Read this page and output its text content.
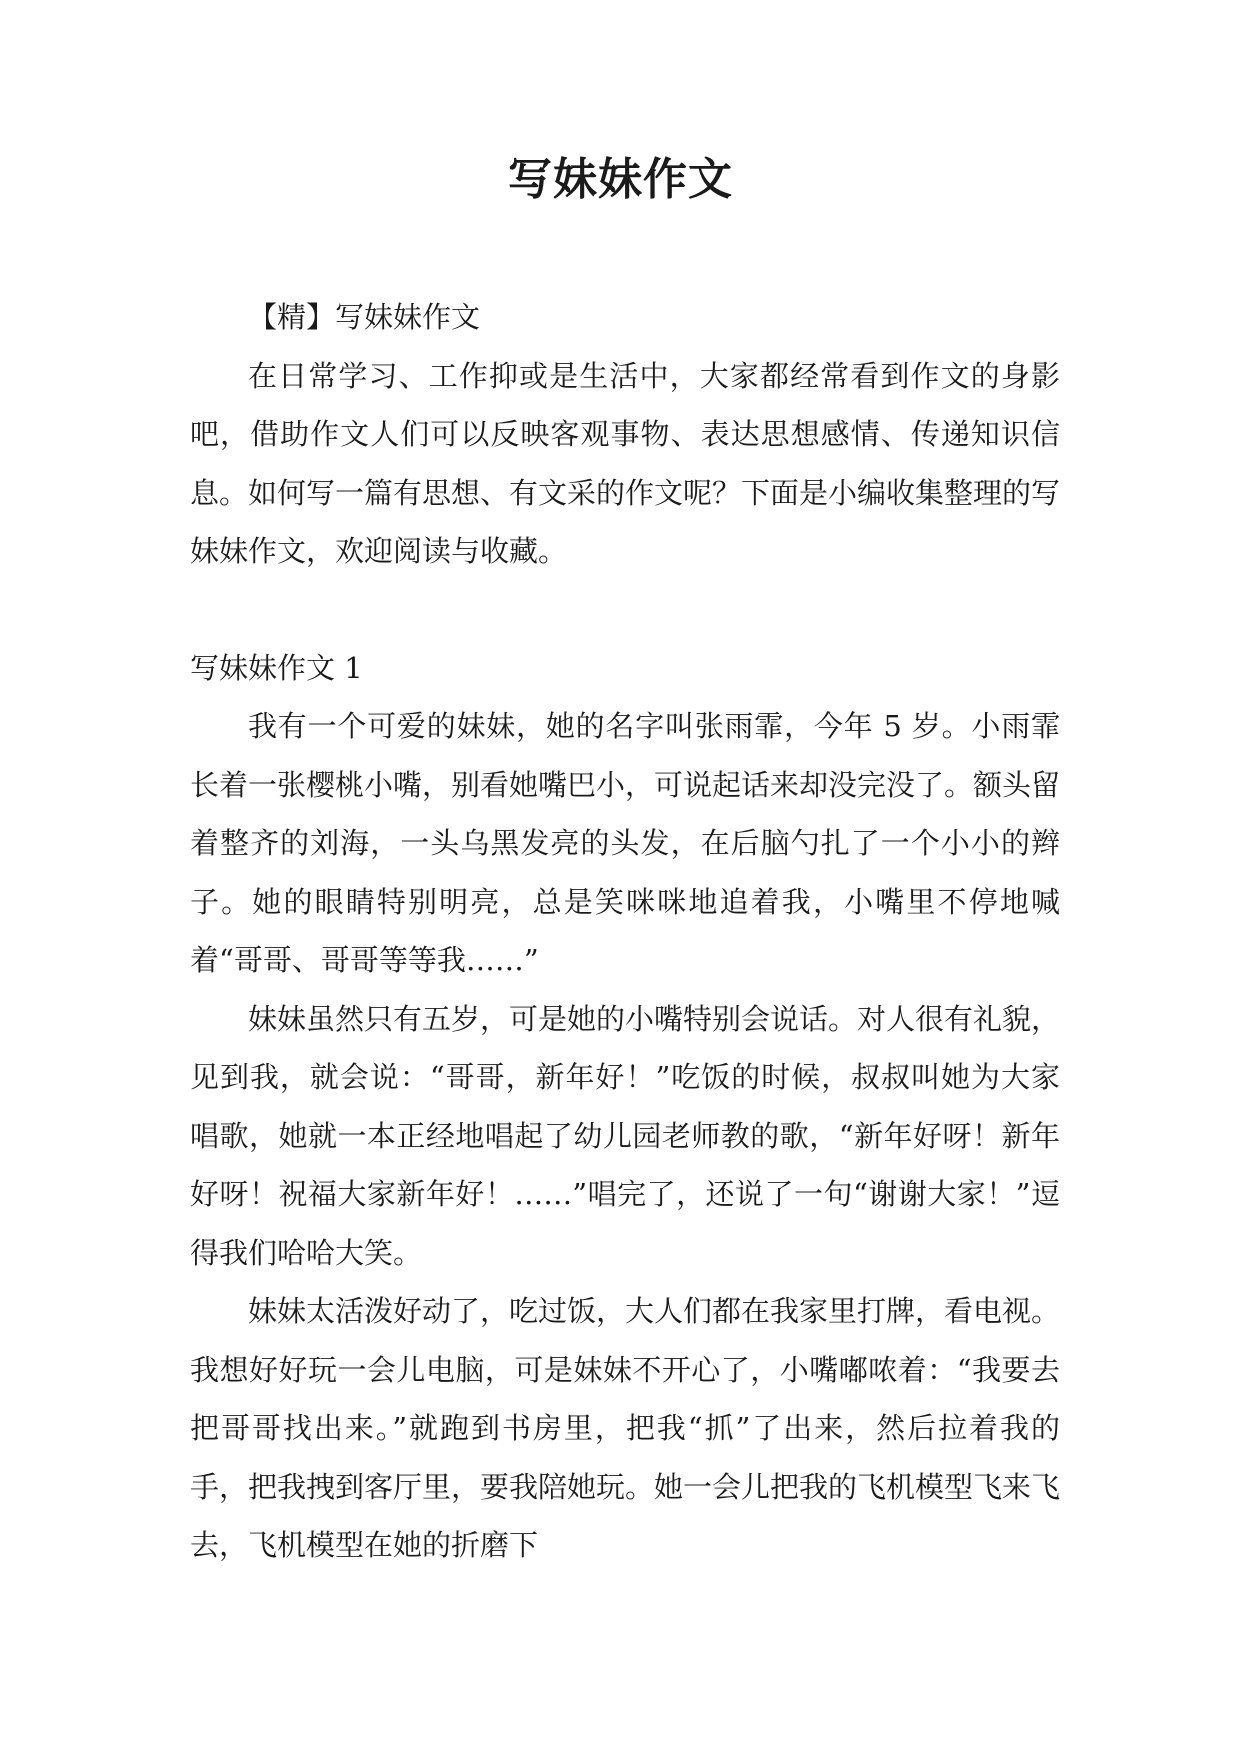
写妹妹作文

【精】写妹妹作文

在日常学习、工作抑或是生活中，大家都经常看到作文的身影吧，借助作文人们可以反映客观事物、表达思想感情、传递知识信息。如何写一篇有思想、有文采的作文呢？下面是小编收集整理的写妹妹作文，欢迎阅读与收藏。

写妹妹作文 1

我有一个可爱的妹妹，她的名字叫张雨霏，今年 5 岁。小雨霏长着一张樱桃小嘴，别看她嘴巴小，可说起话来却没完没了。额头留着整齐的刘海，一头乌黑发亮的头发，在后脑勺扎了一个小小的辫子。她的眼睛特别明亮，总是笑咪咪地追着我，小嘴里不停地喊着“哥哥、哥哥等等我……”

妹妹虽然只有五岁，可是她的小嘴特别会说话。对人很有礼貌，见到我，就会说：“哥哥，新年好！”吃饭的时候，叔叔叫她为大家唱歌，她就一本正经地唱起了幼儿园老师教的歌，“新年好呀！新年好呀！祝福大家新年好！……”唱完了，还说了一句“谢谢大家！”逗得我们哈哈大笑。

妹妹太活泼好动了，吃过饭，大人们都在我家里打牌，看电视。我想好好玩一会儿电脑，可是妹妹不开心了，小嘴嘟哝着：“我要去把哥哥找出来。”就跑到书房里，把我“抓”了出来，然后拉着我的手，把我拽到客厅里，要我陪她玩。她一会儿把我的飞机模型飞来飞去，飞机模型在她的折磨下
